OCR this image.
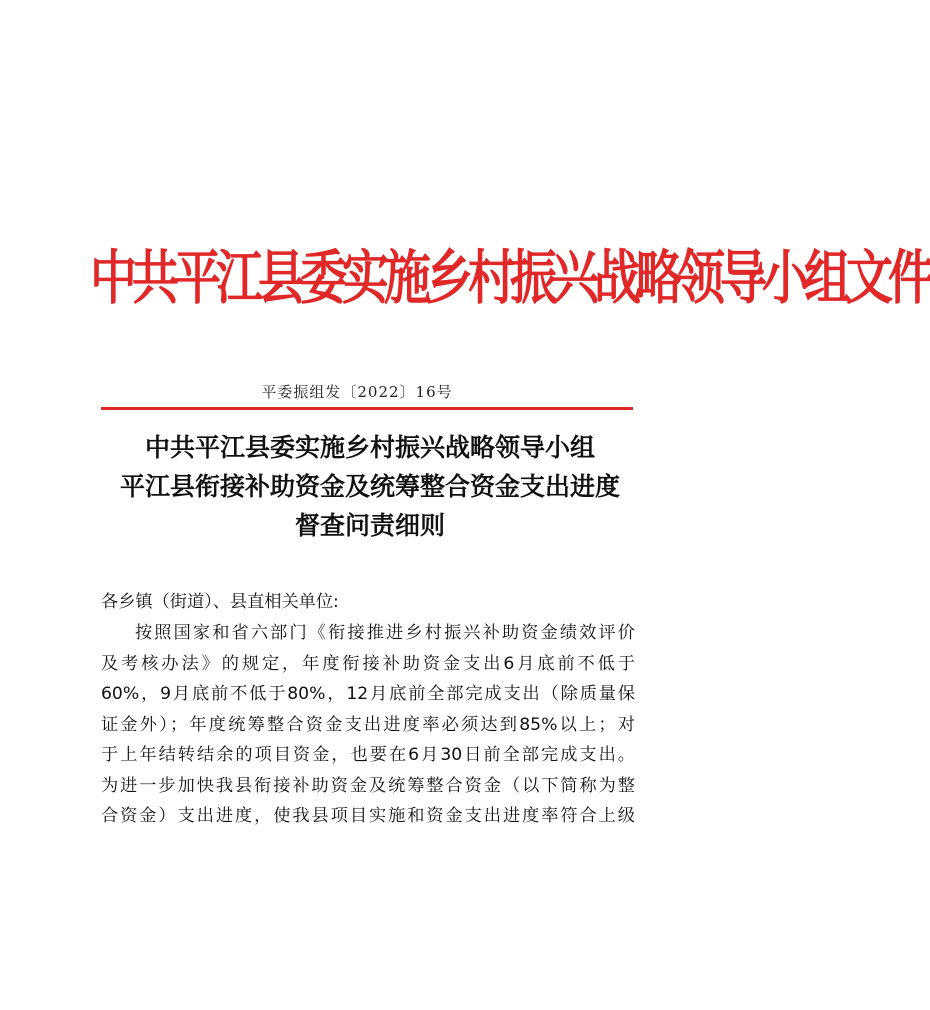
中共平江县委实施乡村振兴战略领导小组文件
平委振组发〔2022〕16号
中共平江县委实施乡村振兴战略领导小组
平江县衔接补助资金及统筹整合资金支出进度
督查问责细则

各乡镇（街道）、县直相关单位:

按照国家和省六部门《衔接推进乡村振兴补助资金绩效评价

及考核办法》的规定，年度衔接补助资金支出6月底前不低于

60%，9月底前不低于80%，12月底前全部完成支出（除质量保

证金外）；年度统筹整合资金支出进度率必须达到85%以上；对

于上年结转结余的项目资金，也要在6月30日前全部完成支出。

为进一步加快我县衔接补助资金及统筹整合资金（以下简称为整

合资金）支出进度，使我县项目实施和资金支出进度率符合上级
